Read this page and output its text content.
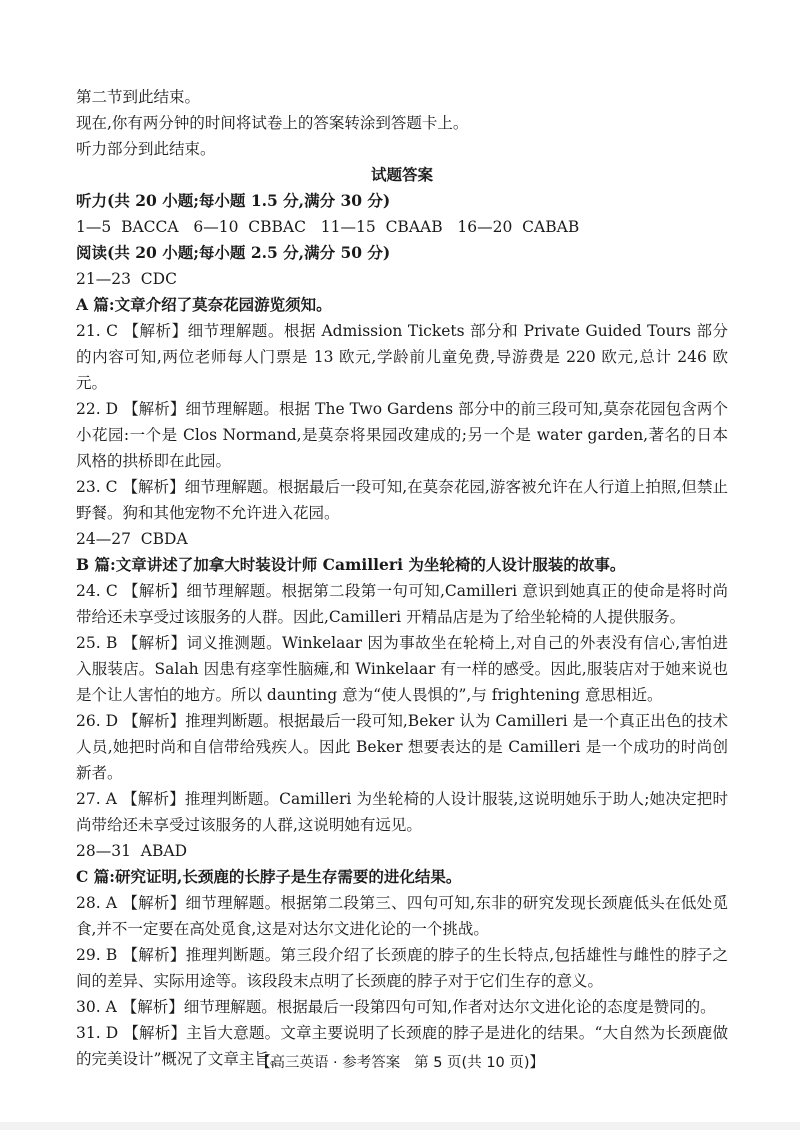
第二节到此结束。
现在,你有两分钟的时间将试卷上的答案转涂到答题卡上。
听力部分到此结束。
试题答案
听力(共 20 小题;每小题 1.5 分,满分 30 分)
1—5  BACCA   6—10  CBBAC   11—15  CBAAB   16—20  CABAB
阅读(共 20 小题;每小题 2.5 分,满分 50 分)
21—23  CDC
A 篇:文章介绍了莫奈花园游览须知。
21. C 【解析】细节理解题。根据 Admission Tickets 部分和 Private Guided Tours 部分的内容可知,两位老师每人门票是 13 欧元,学龄前儿童免费,导游费是 220 欧元,总计 246 欧元。
22. D 【解析】细节理解题。根据 The Two Gardens 部分中的前三段可知,莫奈花园包含两个小花园:一个是 Clos Normand,是莫奈将果园改建成的;另一个是 water garden,著名的日本风格的拱桥即在此园。
23. C 【解析】细节理解题。根据最后一段可知,在莫奈花园,游客被允许在人行道上拍照,但禁止野餐。狗和其他宠物不允许进入花园。
24—27  CBDA
B 篇:文章讲述了加拿大时装设计师 Camilleri 为坐轮椅的人设计服装的故事。
24. C 【解析】细节理解题。根据第二段第一句可知,Camilleri 意识到她真正的使命是将时尚带给还未享受过该服务的人群。因此,Camilleri 开精品店是为了给坐轮椅的人提供服务。
25. B 【解析】词义推测题。Winkelaar 因为事故坐在轮椅上,对自己的外表没有信心,害怕进入服装店。Salah 因患有痉挛性脑瘫,和 Winkelaar 有一样的感受。因此,服装店对于她来说也是个让人害怕的地方。所以 daunting 意为“使人畏惧的”,与 frightening 意思相近。
26. D 【解析】推理判断题。根据最后一段可知,Beker 认为 Camilleri 是一个真正出色的技术人员,她把时尚和自信带给残疾人。因此 Beker 想要表达的是 Camilleri 是一个成功的时尚创新者。
27. A 【解析】推理判断题。Camilleri 为坐轮椅的人设计服装,这说明她乐于助人;她决定把时尚带给还未享受过该服务的人群,这说明她有远见。
28—31  ABAD
C 篇:研究证明,长颈鹿的长脖子是生存需要的进化结果。
28. A 【解析】细节理解题。根据第二段第三、四句可知,东非的研究发现长颈鹿低头在低处觅食,并不一定要在高处觅食,这是对达尔文进化论的一个挑战。
29. B 【解析】推理判断题。第三段介绍了长颈鹿的脖子的生长特点,包括雄性与雌性的脖子之间的差异、实际用途等。该段段末点明了长颈鹿的脖子对于它们生存的意义。
30. A 【解析】细节理解题。根据最后一段第四句可知,作者对达尔文进化论的态度是赞同的。
31. D 【解析】主旨大意题。文章主要说明了长颈鹿的脖子是进化的结果。“大自然为长颈鹿做的完美设计”概况了文章主旨。
【高三英语 · 参考答案   第 5 页(共 10 页)】
